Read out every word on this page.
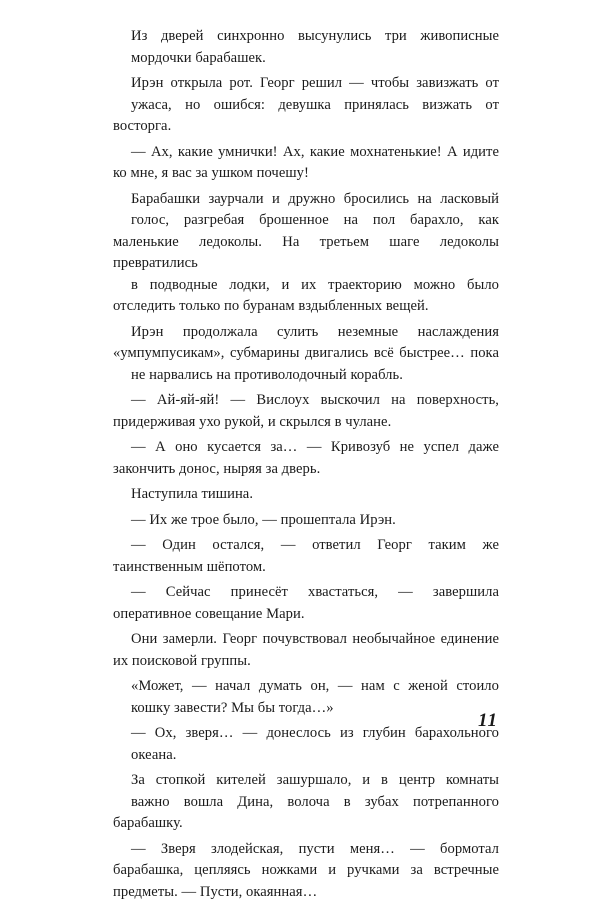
Из дверей синхронно высунулись три живописные
мордочки барабашек.

Ирэн открыла рот. Георг решил — чтобы завизжать от
ужаса, но ошибся: девушка принялась визжать от восторга.

— Ах, какие умнички! Ах, какие мохнатенькие! А идите ко мне, я вас за ушком почешу!

Барабашки заурчали и дружно бросились на ласковый
голос, разгребая брошенное на пол барахло, как маленькие ледоколы. На третьем шаге ледоколы превратились
в подводные лодки, и их траекторию можно было отследить только по буранам вздыбленных вещей.

Ирэн продолжала сулить неземные наслаждения «умпумпусикам», субмарины двигались всё быстрее… пока
не нарвались на противолодочный корабль.

— Ай-яй-яй! — Вислоух выскочил на поверхность, придерживая ухо рукой, и скрылся в чулане.

— А оно кусается за… — Кривозуб не успел даже закончить донос, ныряя за дверь.

Наступила тишина.

— Их же трое было, — прошептала Ирэн.

— Один остался, — ответил Георг таким же таинственным шёпотом.

— Сейчас принесёт хвастаться, — завершила оперативное совещание Мари.

Они замерли. Георг почувствовал необычайное единение их поисковой группы.

«Может, — начал думать он, — нам с женой стоило
кошку завести? Мы бы тогда…»

— Ох, зверя… — донеслось из глубин барахольного
океана.

За стопкой кителей зашуршало, и в центр комнаты
важно вошла Дина, волоча в зубах потрепанного барабашку.

— Зверя злодейская, пусти меня… — бормотал барабашка, цепляясь ножками и ручками за встречные предметы. — Пусти, окаянная…

11
